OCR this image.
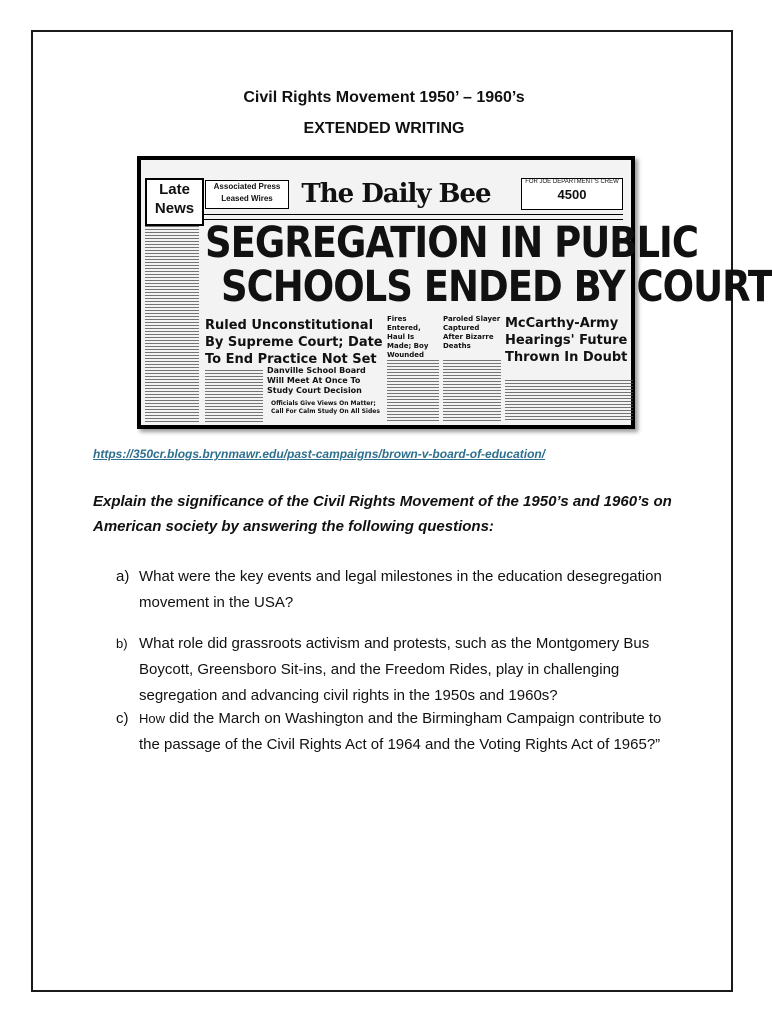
Civil Rights Movement 1950’ – 1960’s
EXTENDED WRITING
Late News
Associated Press Leased Wires	The Daily Bee	FOR JOE DEPARTMENT'S CREW
4500
SEGREGATION IN PUBLIC
SCHOOLS ENDED BY COURT
Ruled Unconstitutional By Supreme Court; Date To End Practice Not Set
Fires Entered, Haul Is Made; Boy Wounded
Paroled Slayer Captured After Bizarre Deaths
McCarthy-Army Hearings' Future Thrown In Doubt
Danville School Board Will Meet At Once To Study Court Decision
Officials Give Views On Matter; Call For Calm Study On All Sides
https://350cr.blogs.brynmawr.edu/past-campaigns/brown-v-board-of-education/
Explain the significance of the Civil Rights Movement of the 1950’s and 1960’s on American society by answering the following questions:
a) What were the key events and legal milestones in the education desegregation movement in the USA?
b) What role did grassroots activism and protests, such as the Montgomery Bus Boycott, Greensboro Sit-ins, and the Freedom Rides, play in challenging segregation and advancing civil rights in the 1950s and 1960s?
c) How did the March on Washington and the Birmingham Campaign contribute to the passage of the Civil Rights Act of 1964 and the Voting Rights Act of 1965?”
